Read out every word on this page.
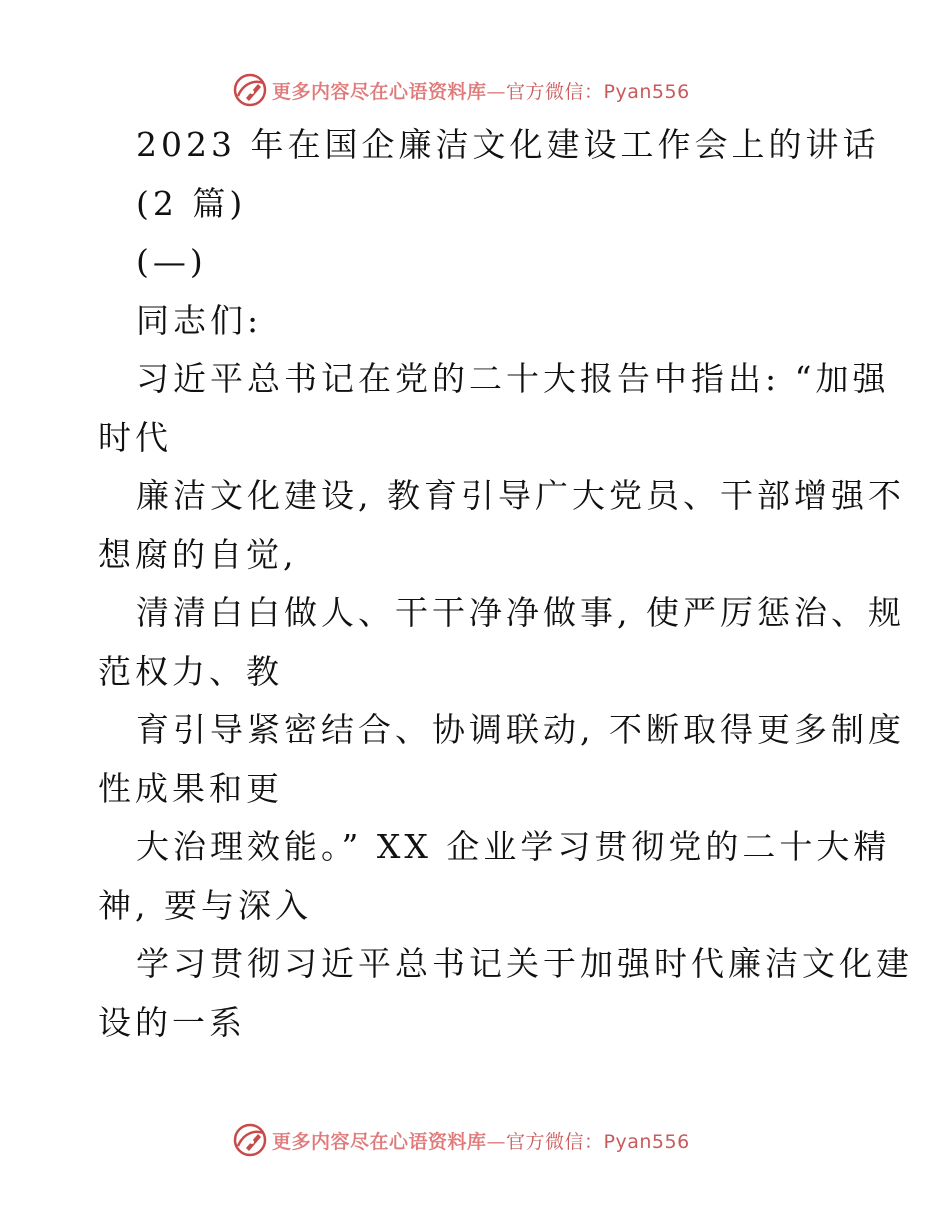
更多内容尽在心语资料库—官方微信：Pyan556
2023 年在国企廉洁文化建设工作会上的讲话
(2 篇)
(—)
同志们:
习近平总书记在党的二十大报告中指出: “加强
时代
廉洁文化建设, 教育引导广大党员、干部增强不
想腐的自觉,
清清白白做人、干干净净做事, 使严厉惩治、规
范权力、教
育引导紧密结合、协调联动, 不断取得更多制度
性成果和更
大治理效能。” XX 企业学习贯彻党的二十大精
神, 要与深入
学习贯彻习近平总书记关于加强时代廉洁文化建
设的一系
更多内容尽在心语资料库—官方微信：Pyan556
